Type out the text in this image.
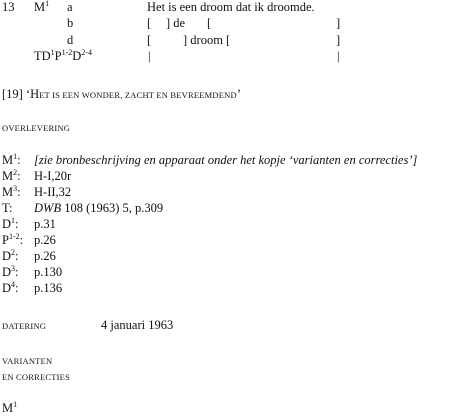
13 $M^1$ a	Het is een droom dat ik droomde.
b	[ ] de [	]
d	[	] droom [	]
$TD^1P^{1-2}D^{2-4}$	|	|
[19] ‘HET IS EEN WONDER, ZACHT EN BEVREEMDEND’
OVERLEVERING
$M^1$: [zie bronbeschrijving en apparaat onder het kopje ‘varianten en correcties’]
$M^2$: H-I,20r
$M^3$: H-II,32
T: DWB 108 (1963) 5, p.309
$D^1$: p.31
$P^{1-2}$: p.26
$D^2$: p.26
$D^3$: p.130
$D^4$: p.136
DATERING	4 januari 1963
VARIANTEN
EN CORRECTIES
$M^1$
